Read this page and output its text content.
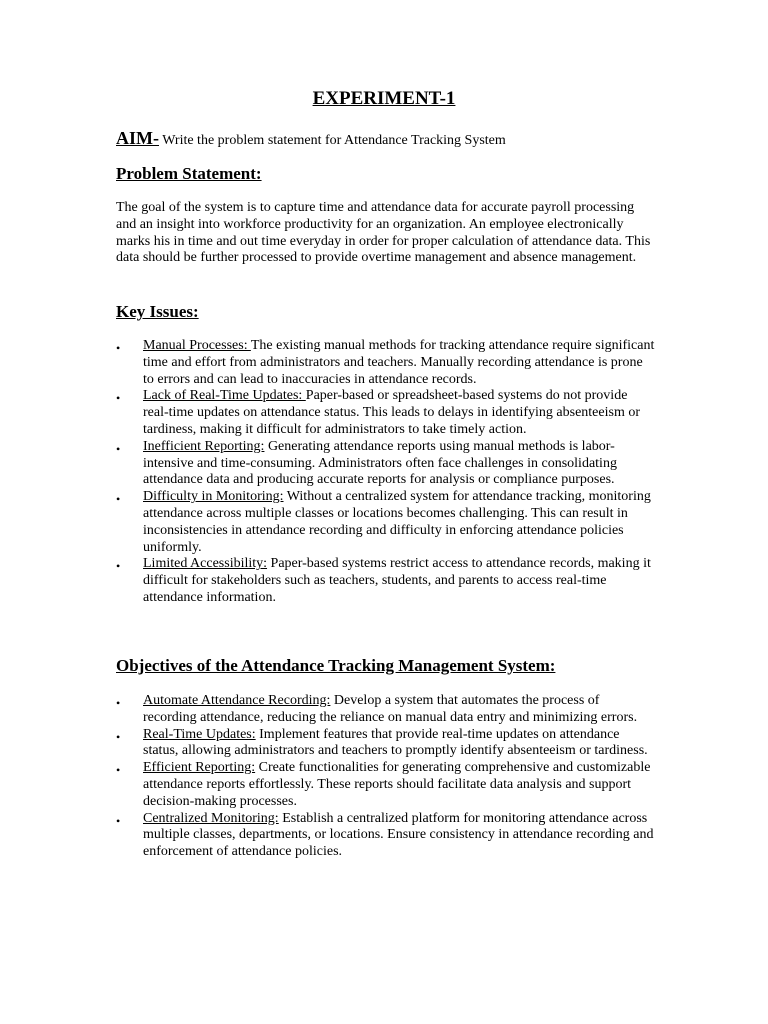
EXPERIMENT-1
AIM- Write the problem statement for Attendance Tracking System
Problem Statement:

The goal of the system is to capture time and attendance data for accurate payroll processing and an insight into workforce productivity for an organization. An employee electronically marks his in time and out time everyday in order for proper calculation of attendance data. This data should be further processed to provide overtime management and absence management.

Key Issues:
• Manual Processes: The existing manual methods for tracking attendance require significant time and effort from administrators and teachers. Manually recording attendance is prone to errors and can lead to inaccuracies in attendance records.
• Lack of Real-Time Updates: Paper-based or spreadsheet-based systems do not provide real-time updates on attendance status. This leads to delays in identifying absenteeism or tardiness, making it difficult for administrators to take timely action.
• Inefficient Reporting: Generating attendance reports using manual methods is labor-intensive and time-consuming. Administrators often face challenges in consolidating attendance data and producing accurate reports for analysis or compliance purposes.
• Difficulty in Monitoring: Without a centralized system for attendance tracking, monitoring attendance across multiple classes or locations becomes challenging. This can result in inconsistencies in attendance recording and difficulty in enforcing attendance policies uniformly.
• Limited Accessibility: Paper-based systems restrict access to attendance records, making it difficult for stakeholders such as teachers, students, and parents to access real-time attendance information.
Objectives of the Attendance Tracking Management System:
• Automate Attendance Recording: Develop a system that automates the process of recording attendance, reducing the reliance on manual data entry and minimizing errors.
• Real-Time Updates: Implement features that provide real-time updates on attendance status, allowing administrators and teachers to promptly identify absenteeism or tardiness.
• Efficient Reporting: Create functionalities for generating comprehensive and customizable attendance reports effortlessly. These reports should facilitate data analysis and support decision-making processes.
• Centralized Monitoring: Establish a centralized platform for monitoring attendance across multiple classes, departments, or locations. Ensure consistency in attendance recording and enforcement of attendance policies.
